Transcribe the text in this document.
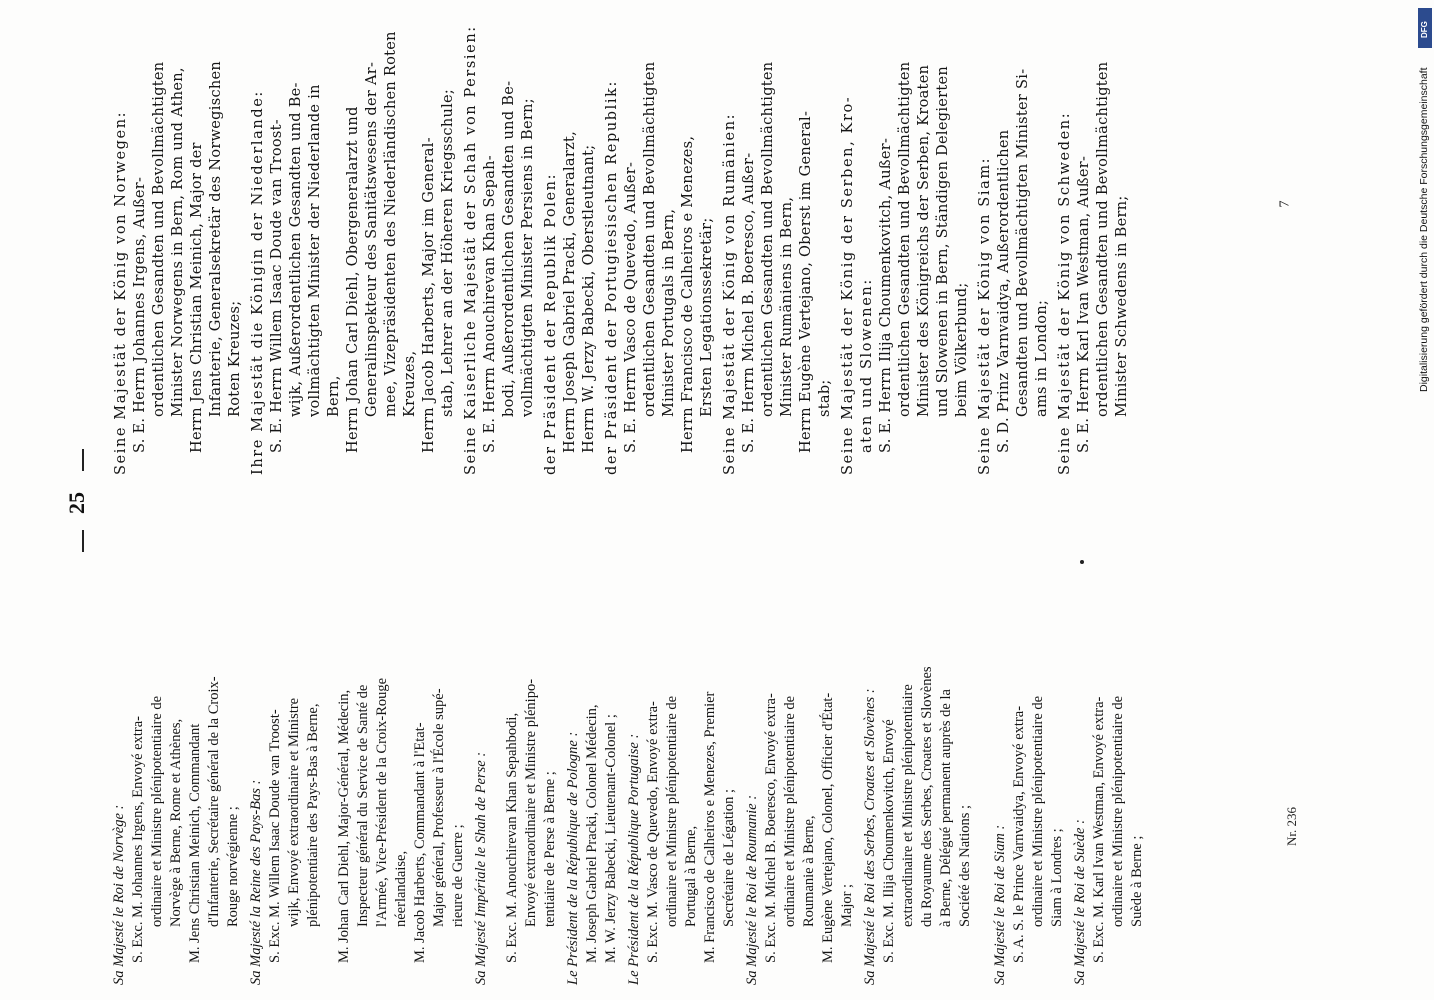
25

Sa Majesté le Roi de Norvège : S. Exc. M. Johannes Irgens, Envoyé extra- ordinaire et Ministre plénipotentiaire de Norvège à Berne, Rome et Athènes, M. Jens Christian Meinich, Commandant d'Infanterie, Secrétaire général de la Croix- Rouge norvégienne ; Sa Majesté la Reine des Pays-Bas : S. Exc. M. Willem Isaac Doude van Troost- wijk, Envoyé extraordinaire et Ministre plénipotentiaire des Pays-Bas à Berne, M. Johan Carl Diehl, Major-Général, Médecin, Inspecteur général du Service de Santé de l'Armée, Vice-Président de la Croix-Rouge néerlandaise, M. Jacob Harberts, Commandant à l'Etat- Major général, Professeur à l'École supé- rieure de Guerre ; Sa Majesté Impériale le Shah de Perse : S. Exc. M. Anouchirevan Khan Sepahbodi, Envoyé extraordinaire et Ministre plénipo- tentiaire de Perse à Berne ; Le Président de la République de Pologne : M. Joseph Gabriel Pracki, Colonel Médecin, M. W. Jerzy Babecki, Lieutenant-Colonel ; Le Président de la République Portugaise : S. Exc. M. Vasco de Quevedo, Envoyé extra- ordinaire et Ministre plénipotentiaire de Portugal à Berne, M. Francisco de Calheiros e Menezes, Premier Secrétaire de Légation ; Sa Majesté le Roi de Roumanie : S. Exc. M. Michel B. Boeresco, Envoyé extra- ordinaire et Ministre plénipotentiaire de Roumanie à Berne, M. Eugène Vertejano, Colonel, Officier d'État- Major ; Sa Majesté le Roi des Serbes, Croates et Slovènes : S. Exc. M. Ilija Choumenkovitch, Envoyé extraordinaire et Ministre plénipotentiaire du Royaume des Serbes, Croates et Slovènes à Berne, Délégué permanent auprès de la Société des Nations ; Sa Majesté le Roi de Siam : S. A. S. le Prince Varnvaidya, Envoyé extra- ordinaire et Ministre plénipotentiaire de Siam à Londres ; Sa Majesté le Roi de Suède : S. Exc. M. Karl Ivan Westman, Envoyé extra- ordinaire et Ministre plénipotentiaire de Suède à Berne ;

Seine Majestät der König von Norwegen: S. E. Herrn Johannes Irgens, Außer- ordentlichen Gesandten und Bevollmächtigten Minister Norwegens in Bern, Rom und Athen, Herrn Jens Christian Meinich, Major der Infanterie, Generalsekretär des Norwegischen Roten Kreuzes; Ihre Majestät die Königin der Niederlande: S. E. Herrn Willem Isaac Doude van Troost- wijk, Außerordentlichen Gesandten und Be- vollmächtigten Minister der Niederlande in Bern, Herrn Johan Carl Diehl, Obergeneralarzt und Generalinspekteur des Sanitätswesens der Ar- mee, Vizepräsidenten des Niederländischen Roten Kreuzes, Herrn Jacob Harberts, Major im General- stab, Lehrer an der Höheren Kriegsschule; Seine Kaiserliche Majestät der Schah von Persien: S. E. Herrn Anouchirevan Khan Sepah- bodi, Außerordentlichen Gesandten und Be- vollmächtigten Minister Persiens in Bern; der Präsident der Republik Polen: Herrn Joseph Gabriel Pracki, Generalarzt, Herrn W. Jerzy Babecki, Oberstleutnant; der Präsident der Portugiesischen Republik: S. E. Herrn Vasco de Quevedo, Außer- ordentlichen Gesandten und Bevollmächtigten Minister Portugals in Bern, Herrn Francisco de Calheiros e Menezes, Ersten Legationssekretär; Seine Majestät der König von Rumänien: S. E. Herrn Michel B. Boeresco, Außer- ordentlichen Gesandten und Bevollmächtigten Minister Rumäniens in Bern, Herrn Eugène Vertejano, Oberst im General- stab; Seine Majestät der König der Serben, Kro- aten und Slowenen: S. E. Herrn Ilija Choumenkovitch, Außer- ordentlichen Gesandten und Bevollmächtigten Minister des Königreichs der Serben, Kroaten und Slowenen in Bern, Ständigen Delegierten beim Völkerbund; Seine Majestät der König von Siam: S. D. Prinz Varnvaidya, Außerordentlichen Gesandten und Bevollmächtigten Minister Si- ams in London; Seine Majestät der König von Schweden: S. E. Herrn Karl Ivan Westman, Außer- ordentlichen Gesandten und Bevollmächtigten Minister Schwedens in Bern;
Nr. 236
7	Digitalisierung gefördert durch die Deutsche Forschungsgemeinschaft
DFG
